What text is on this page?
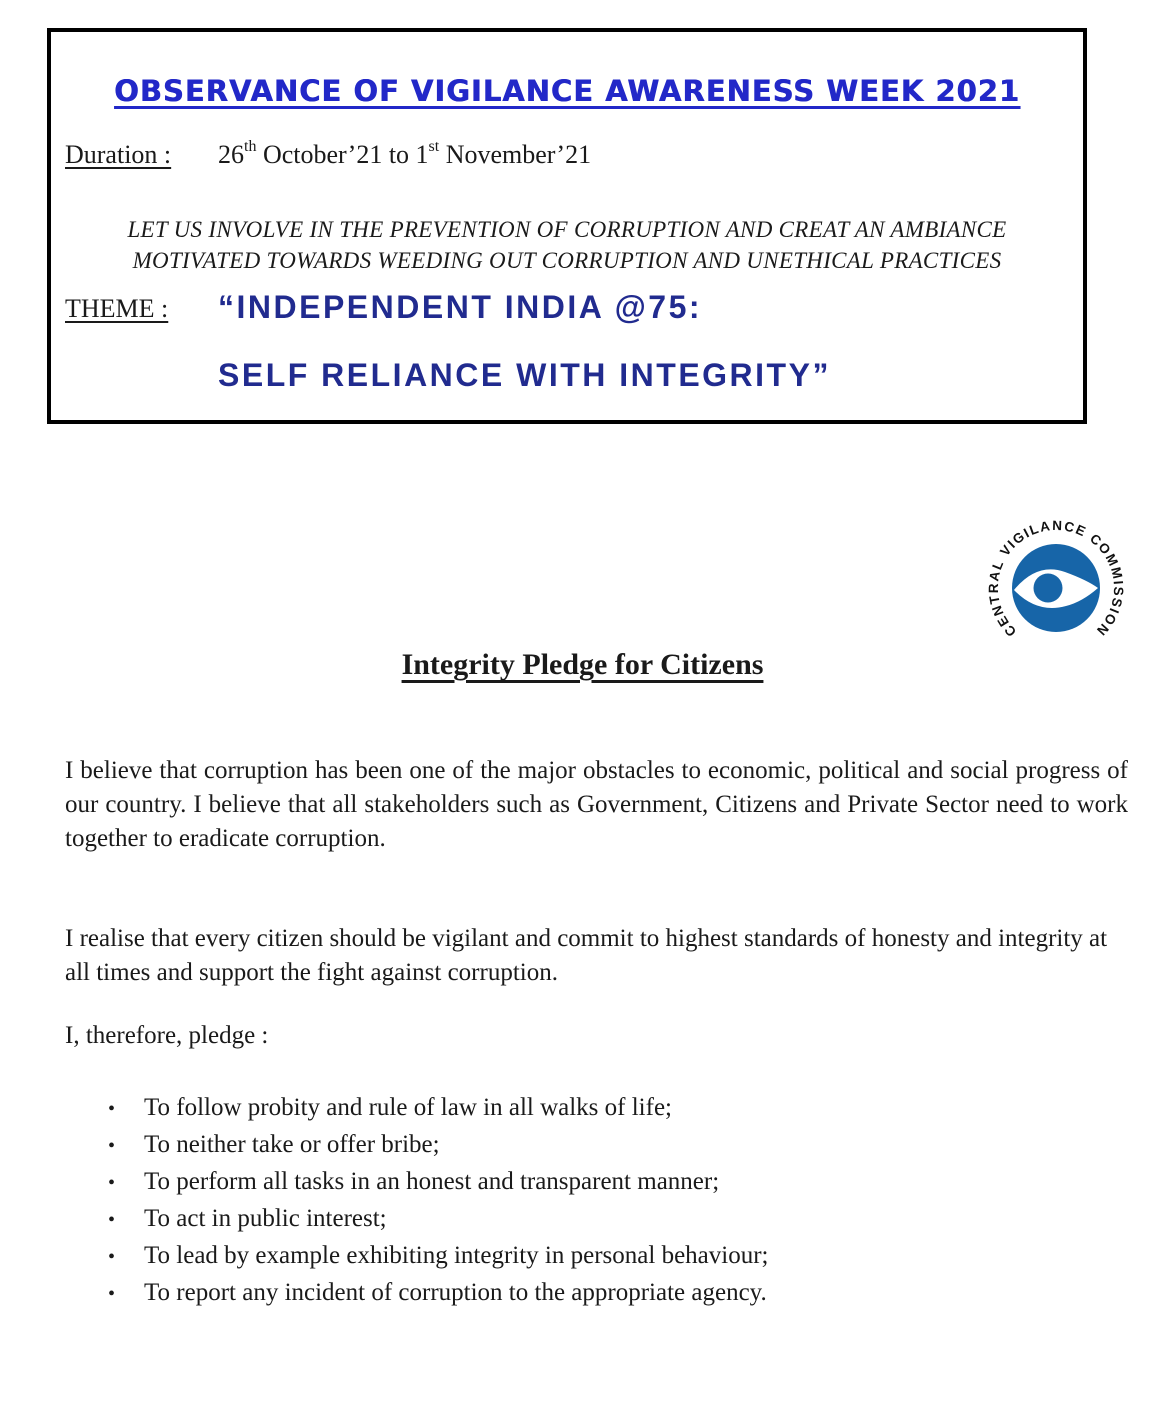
OBSERVANCE OF VIGILANCE AWARENESS WEEK 2021
Duration : 26th October’21 to 1st November’21
LET US INVOLVE IN THE PREVENTION OF CORRUPTION AND CREAT AN AMBIANCE
MOTIVATED TOWARDS WEEDING OUT CORRUPTION AND UNETHICAL PRACTICES
THEME : “INDEPENDENT INDIA @75:
SELF RELIANCE WITH INTEGRITY”
CENTRAL VIGILANCE COMMISSION
Integrity Pledge for Citizens
I believe that corruption has been one of the major obstacles to economic, political and social progress of our country. I believe that all stakeholders such as Government, Citizens and Private Sector need to work together to eradicate corruption.
I realise that every citizen should be vigilant and commit to highest standards of honesty and integrity at all times and support the fight against corruption.
I, therefore, pledge :
•	To follow probity and rule of law in all walks of life;
•	To neither take or offer bribe;
•	To perform all tasks in an honest and transparent manner;
•	To act in public interest;
•	To lead by example exhibiting integrity in personal behaviour;
•	To report any incident of corruption to the appropriate agency.
